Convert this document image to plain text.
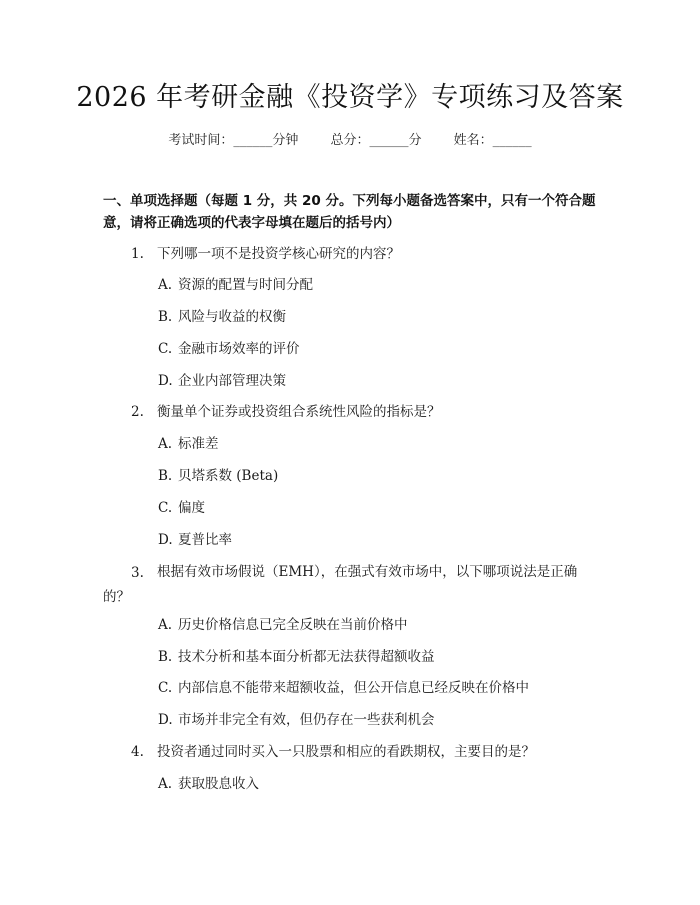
2026 年考研金融《投资学》专项练习及答案
考试时间：______分钟 总分：______分 姓名：______
一、单项选择题（每题 1 分，共 20 分。下列每小题备选答案中，只有一个符合题意，请将正确选项的代表字母填在题后的括号内）
1. 下列哪一项不是投资学核心研究的内容？
A. 资源的配置与时间分配
B. 风险与收益的权衡
C. 金融市场效率的评价
D. 企业内部管理决策
2. 衡量单个证券或投资组合系统性风险的指标是？
A. 标准差
B. 贝塔系数 (Beta)
C. 偏度
D. 夏普比率
3. 根据有效市场假说（EMH），在强式有效市场中，以下哪项说法是正确的？
A. 历史价格信息已完全反映在当前价格中
B. 技术分析和基本面分析都无法获得超额收益
C. 内部信息不能带来超额收益，但公开信息已经反映在价格中
D. 市场并非完全有效，但仍存在一些获利机会
4. 投资者通过同时买入一只股票和相应的看跌期权，主要目的是？
A. 获取股息收入
